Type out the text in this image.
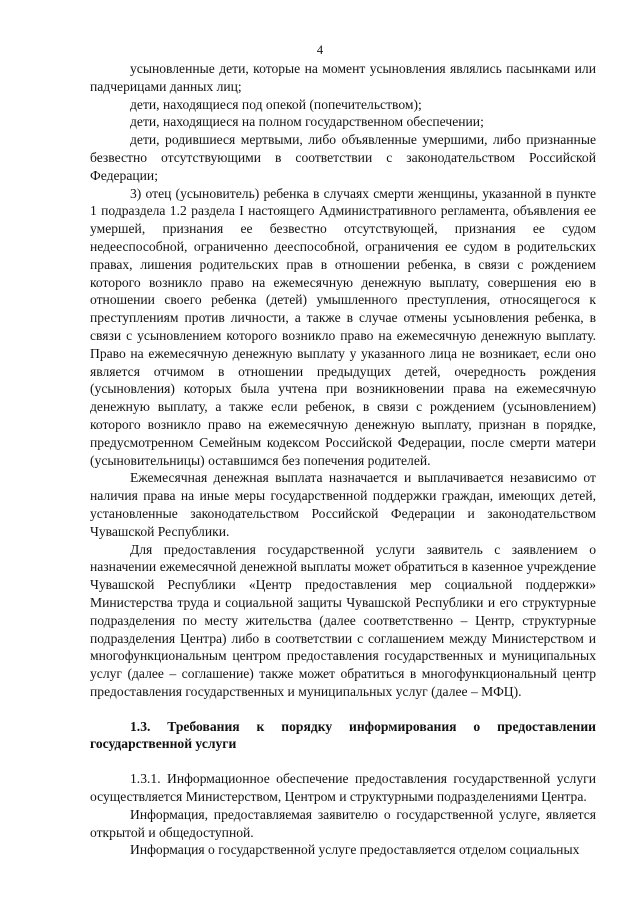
4

усыновленные дети, которые на момент усыновления являлись пасынками или падчерицами данных лиц;

дети, находящиеся под опекой (попечительством);

дети, находящиеся на полном государственном обеспечении;

дети, родившиеся мертвыми, либо объявленные умершими, либо признанные безвестно отсутствующими в соответствии с законодательством Российской Федерации;

3) отец (усыновитель) ребенка в случаях смерти женщины, указанной в пункте 1 подраздела 1.2 раздела I настоящего Административного регламента, объявления ее умершей, признания ее безвестно отсутствующей, признания ее судом недееспособной, ограниченно дееспособной, ограничения ее судом в родительских правах, лишения родительских прав в отношении ребенка, в связи с рождением которого возникло право на ежемесячную денежную выплату, совершения ею в отношении своего ребенка (детей) умышленного преступления, относящегося к преступлениям против личности, а также в случае отмены усыновления ребенка, в связи с усыновлением которого возникло право на ежемесячную денежную выплату. Право на ежемесячную денежную выплату у указанного лица не возникает, если оно является отчимом в отношении предыдущих детей, очередность рождения (усыновления) которых была учтена при возникновении права на ежемесячную денежную выплату, а также если ребенок, в связи с рождением (усыновлением) которого возникло право на ежемесячную денежную выплату, признан в порядке, предусмотренном Семейным кодексом Российской Федерации, после смерти матери (усыновительницы) оставшимся без попечения родителей.

Ежемесячная денежная выплата назначается и выплачивается независимо от наличия права на иные меры государственной поддержки граждан, имеющих детей, установленные законодательством Российской Федерации и законодательством Чувашской Республики.

Для предоставления государственной услуги заявитель с заявлением о назначении ежемесячной денежной выплаты может обратиться в казенное учреждение Чувашской Республики «Центр предоставления мер социальной поддержки» Министерства труда и социальной защиты Чувашской Республики и его структурные подразделения по месту жительства (далее соответственно – Центр, структурные подразделения Центра) либо в соответствии с соглашением между Министерством и многофункциональным центром предоставления государственных и муниципальных услуг (далее – соглашение) также может обратиться в многофункциональный центр предоставления государственных и муниципальных услуг (далее – МФЦ).

1.3. Требования к порядку информирования о предоставлении государственной услуги

1.3.1. Информационное обеспечение предоставления государственной услуги осуществляется Министерством, Центром и структурными подразделениями Центра.

Информация, предоставляемая заявителю о государственной услуге, является открытой и общедоступной.

Информация о государственной услуге предоставляется отделом социальных
